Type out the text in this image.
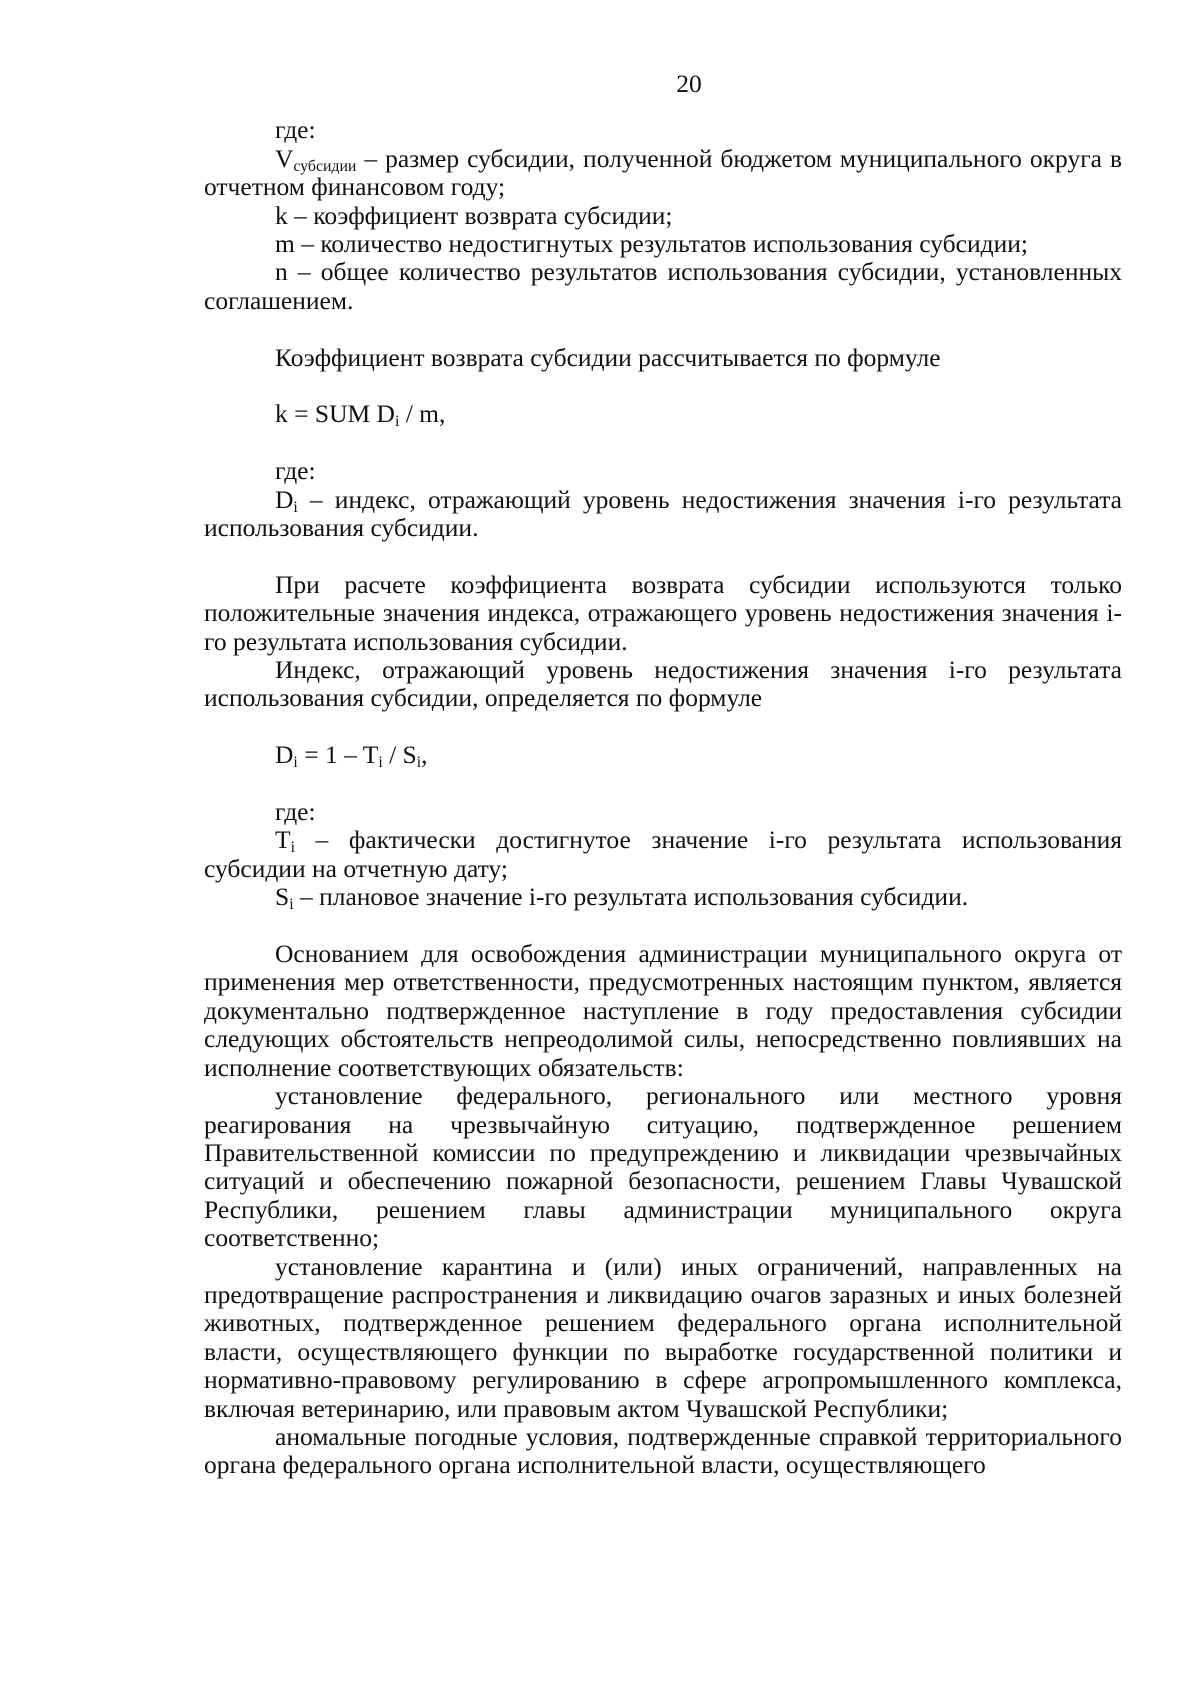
20

где:

$V_{субсидии}$ – размер субсидии, полученной бюджетом муниципального округа в отчетном финансовом году;

k – коэффициент возврата субсидии;

m – количество недостигнутых результатов использования субсидии;

n – общее количество результатов использования субсидии, установленных соглашением.

Коэффициент возврата субсидии рассчитывается по формуле

k = SUM $D_i$ / m,

где:

$D_i$ – индекс, отражающий уровень недостижения значения i-го результата использования субсидии.

При расчете коэффициента возврата субсидии используются только положительные значения индекса, отражающего уровень недостижения значения i-го результата использования субсидии.

Индекс, отражающий уровень недостижения значения i-го результата использования субсидии, определяется по формуле

$D_i = 1 - T_i / S_i$,

где:

$T_i$ – фактически достигнутое значение i-го результата использования субсидии на отчетную дату;

$S_i$ – плановое значение i-го результата использования субсидии.

Основанием для освобождения администрации муниципального округа от применения мер ответственности, предусмотренных настоящим пунктом, является документально подтвержденное наступление в году предоставления субсидии следующих обстоятельств непреодолимой силы, непосредственно повлиявших на исполнение соответствующих обязательств:

установление федерального, регионального или местного уровня реагирования на чрезвычайную ситуацию, подтвержденное решением Правительственной комиссии по предупреждению и ликвидации чрезвычайных ситуаций и обеспечению пожарной безопасности, решением Главы Чувашской Республики, решением главы администрации муниципального округа соответственно;

установление карантина и (или) иных ограничений, направленных на предотвращение распространения и ликвидацию очагов заразных и иных болезней животных, подтвержденное решением федерального органа исполнительной власти, осуществляющего функции по выработке государственной политики и нормативно-правовому регулированию в сфере агропромышленного комплекса, включая ветеринарию, или правовым актом Чувашской Республики;

аномальные погодные условия, подтвержденные справкой территориального органа федерального органа исполнительной власти, осуществляющего
